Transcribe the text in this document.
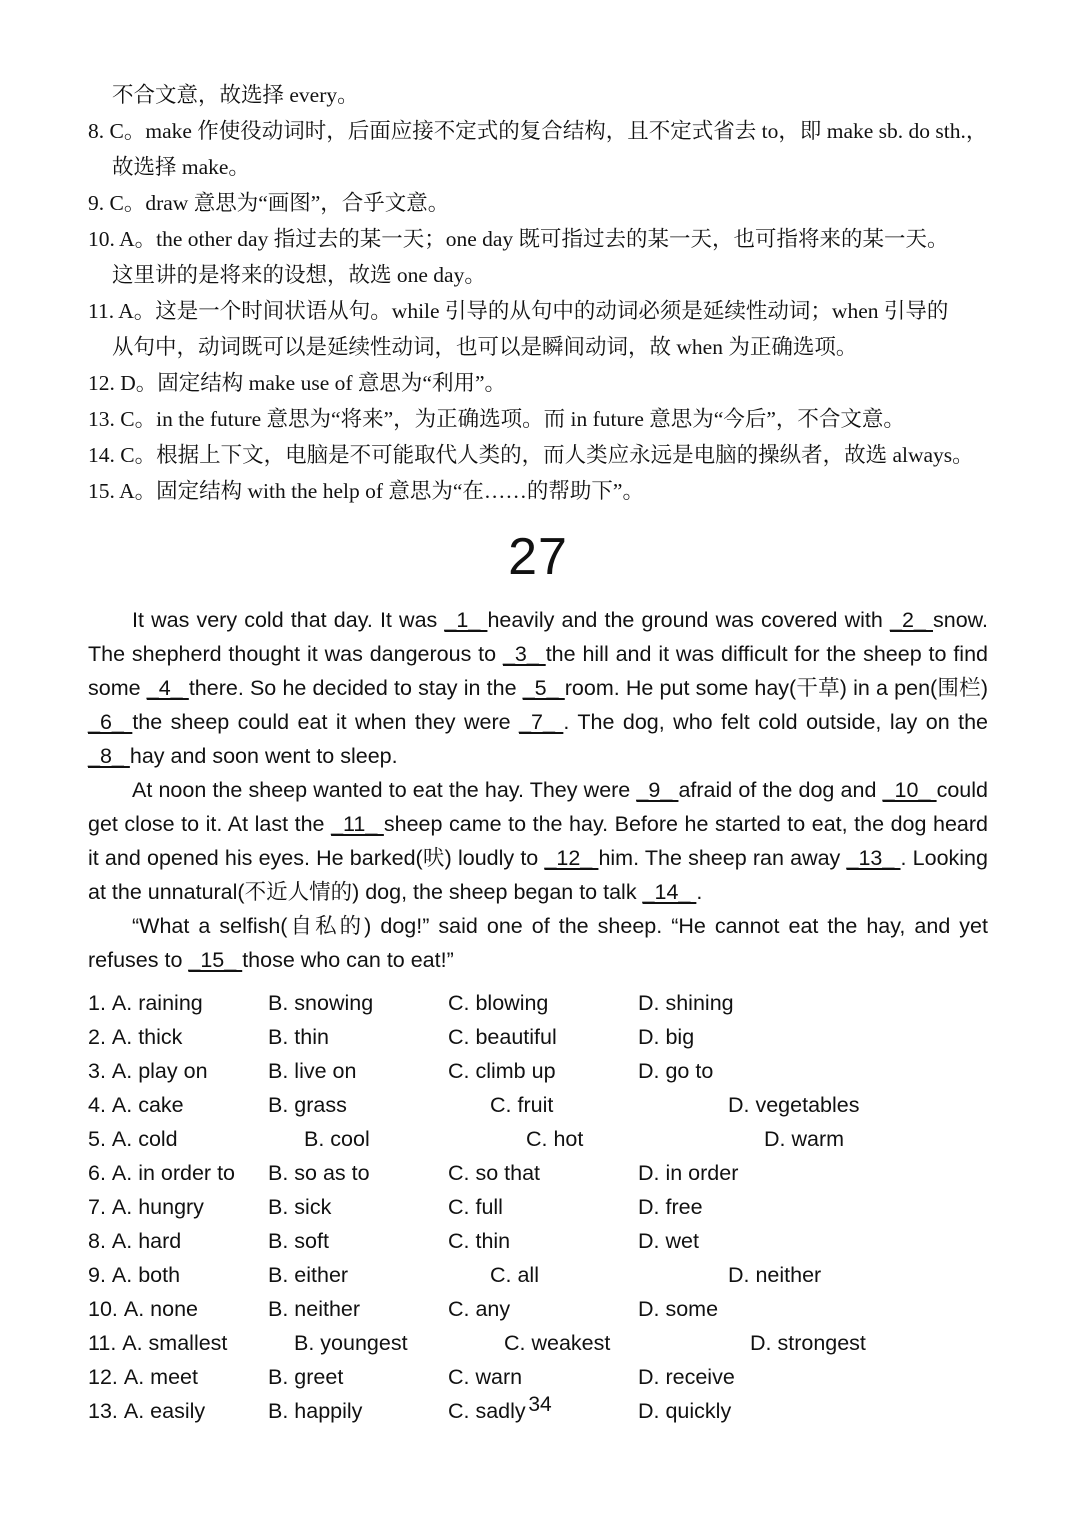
不合文意，故选择 every。
8. C。make 作使役动词时，后面应接不定式的复合结构，且不定式省去 to，即 make sb. do sth.，
故选择 make。
9. C。draw 意思为“画图”，合乎文意。
10. A。the other day 指过去的某一天；one day 既可指过去的某一天，也可指将来的某一天。
这里讲的是将来的设想，故选 one day。
11. A。这是一个时间状语从句。while 引导的从句中的动词必须是延续性动词；when 引导的
从句中，动词既可以是延续性动词，也可以是瞬间动词，故 when 为正确选项。
12. D。固定结构 make use of 意思为“利用”。
13. C。in the future 意思为“将来”，为正确选项。而 in future 意思为“今后”，不合文意。
14. C。根据上下文，电脑是不可能取代人类的，而人类应永远是电脑的操纵者，故选 always。
15. A。固定结构 with the help of 意思为“在……的帮助下”。
27

It was very cold that day. It was _1_ heavily and the ground was covered with _2_ snow. The shepherd thought it was dangerous to _3_ the hill and it was difficult for the sheep to find some _4_ there. So he decided to stay in the _5_ room. He put some hay(干草) in a pen(围栏) _6_ the sheep could eat it when they were _7_ . The dog, who felt cold outside, lay on the _8_ hay and soon went to sleep.

At noon the sheep wanted to eat the hay. They were _9_ afraid of the dog and _10_ could get close to it. At last the _11_ sheep came to the hay. Before he started to eat, the dog heard it and opened his eyes. He barked(吠) loudly to _12_ him. The sheep ran away _13_ . Looking at the unnatural(不近人情的) dog, the sheep began to talk _14_ .

“What a selfish(自私的) dog!” said one of the sheep. “He cannot eat the hay, and yet refuses to _15_ those who can to eat!”

1. A. raining	B. snowing	C. blowing	D. shining
2. A. thick	B. thin	C. beautiful	D. big
3. A. play on	B. live on	C. climb up	D. go to
4. A. cake	B. grass	C. fruit	D. vegetables
5. A. cold	B. cool	C. hot	D. warm
6. A. in order to	B. so as to	C. so that	D. in order
7. A. hungry	B. sick	C. full	D. free
8. A. hard	B. soft	C. thin	D. wet
9. A. both	B. either	C. all	D. neither
10. A. none	B. neither	C. any	D. some
11. A. smallest	B. youngest	C. weakest	D. strongest
12. A. meet	B. greet	C. warn	D. receive
13. A. easily	B. happily	C. sadly	D. quickly
34
